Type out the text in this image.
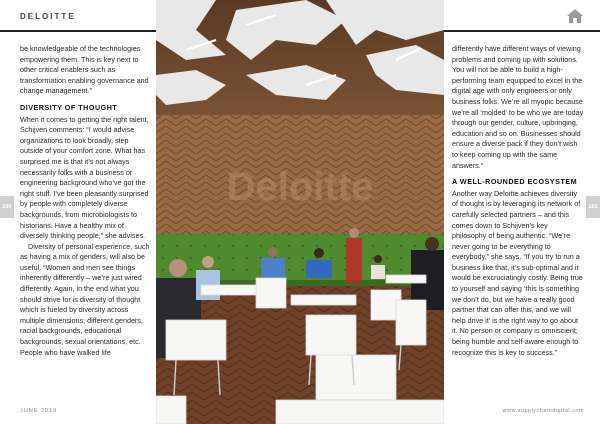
DELOITTE

be knowledgeable of the technologies empowering them. This is key next to other critical enablers such as transformation enabling governance and change management.”

DIVERSITY OF THOUGHT

When it comes to getting the right talent, Schijven comments: “I would advise organizations to look broadly, step outside of your comfort zone. What has surprised me is that it’s not always necessarily folks with a business or engineering background who’ve got the right stuff. I’ve been pleasantly surprised by people with completely diverse backgrounds, from microbiologists to historians. Have a healthy mix of diversely thinking people,” she advises.

Diversity of personal experience, such as having a mix of genders, will also be useful. “Women and men see things inherently differently – we’re just wired differently. Again, in the end what you should strive for is diversity of thought which is fueled by diversity across multiple dimensions; different genders, racial backgrounds, educational backgrounds, sexual orientations, etc. People who have walked life

Deloitte

differently have different ways of viewing problems and coming up with solutions. You will not be able to build a high-performing team equipped to excel in the digital age with only engineers or only business folks. We’re all myopic because we’re all ‘molded’ to be who we are today through our gender, culture, upbringing, education and so on. Businesses should ensure a diverse pack if they don’t wish to keep coming up with the same answers.”

A WELL-ROUNDED ECOSYSTEM

Another way Deloitte achieves diversity of thought is by leveraging its network of carefully selected partners – and this comes down to Schijven’s key philosophy of being authentic. “We’re never going to be everything to everybody,” she says. “If you try to run a business like that, it’s sub-optimal and it would be excruciatingly costly. Being true to yourself and saying ‘this is something we don’t do, but we have a really good partner that can offer this, and we will help drive it’ is the right way to go about it. No person or company is omniscient; being humble and self-aware enough to recognize this is key to success.”

180	181
JUNE 2019	www.supplychaindigital.com
